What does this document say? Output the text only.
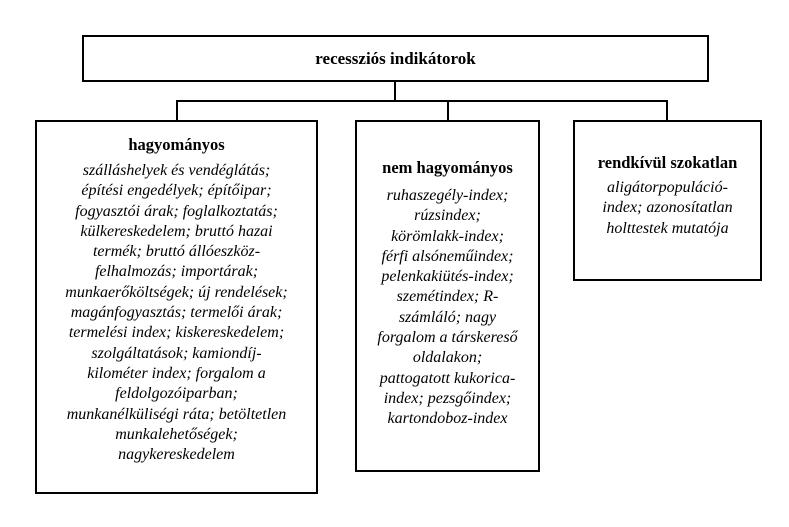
recessziós indikátorok
hagyományos
szálláshelyek és vendéglátás;
építési engedélyek; építőipar;
fogyasztói árak; foglalkoztatás;
külkereskedelem; bruttó hazai
termék; bruttó állóeszköz-
felhalmozás; importárak;
munkaerőköltségek; új rendelések;
magánfogyasztás; termelői árak;
termelési index; kiskereskedelem;
szolgáltatások; kamiondíj-
kilométer index; forgalom a
feldolgozóiparban;
munkanélküliségi ráta; betöltetlen
munkalehetőségek;
nagykereskedelem
nem hagyományos
ruhaszegély-index;
rúzsindex;
körömlakk-index;
férfi alsóneműindex;
pelenkakiütés-index;
szemétindex; R-
számláló; nagy
forgalom a társkereső
oldalakon;
pattogatott kukorica-
index; pezsgőindex;
kartondoboz-index
rendkívül szokatlan
aligátorpopuláció-
index; azonosítatlan
holttestek mutatója
